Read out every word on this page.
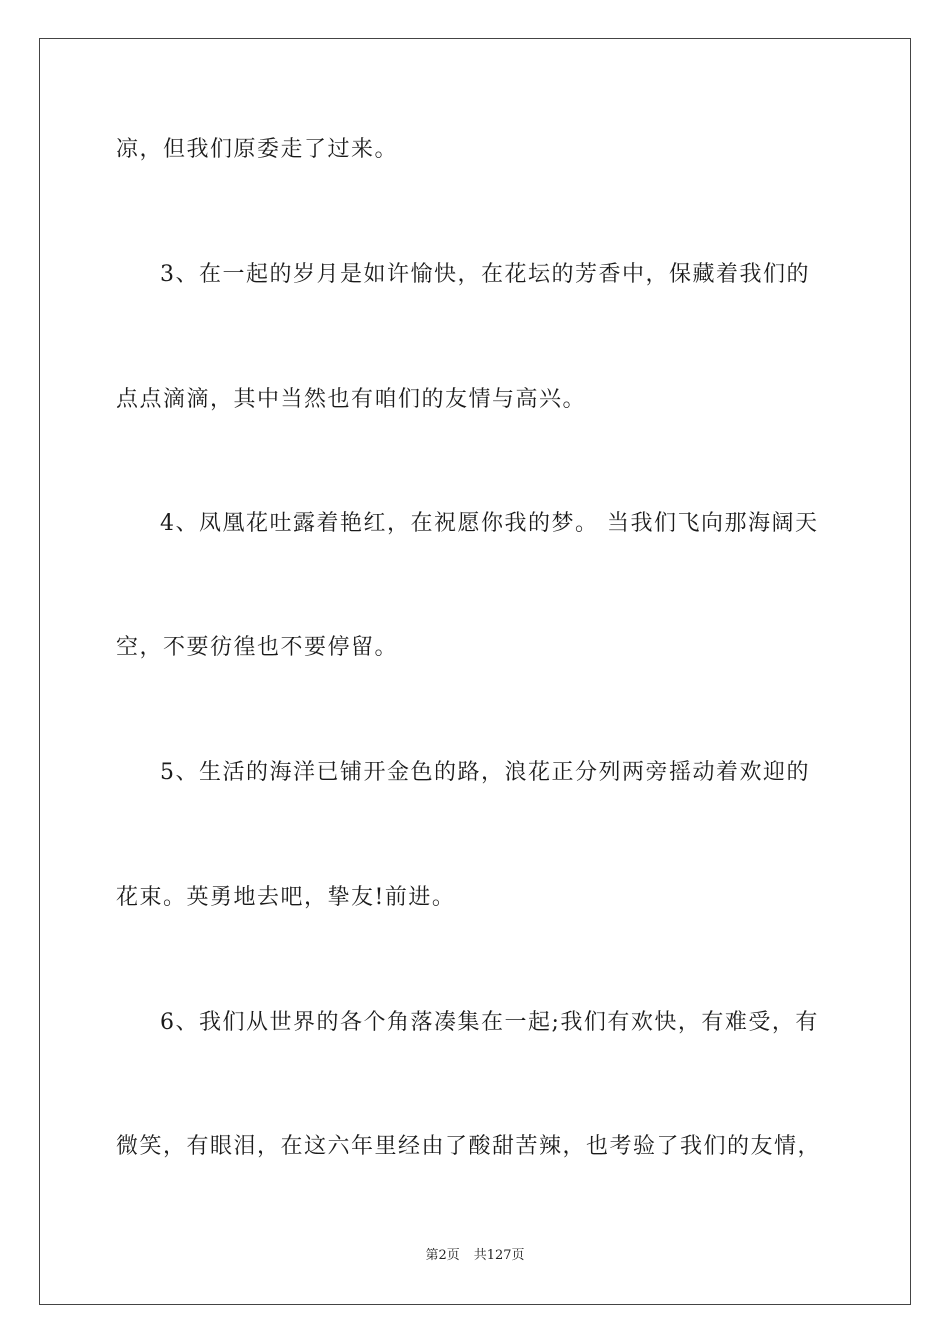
凉，但我们原委走了过来。
3、在一起的岁月是如许愉快，在花坛的芳香中，保藏着我们的
点点滴滴，其中当然也有咱们的友情与高兴。
4、凤凰花吐露着艳红，在祝愿你我的梦。 当我们飞向那海阔天
空，不要彷徨也不要停留。
5、生活的海洋已铺开金色的路，浪花正分列两旁摇动着欢迎的
花束。英勇地去吧，挚友!前进。
6、我们从世界的各个角落凑集在一起;我们有欢快，有难受，有
微笑，有眼泪，在这六年里经由了酸甜苦辣，也考验了我们的友情，
第2页 共127页
